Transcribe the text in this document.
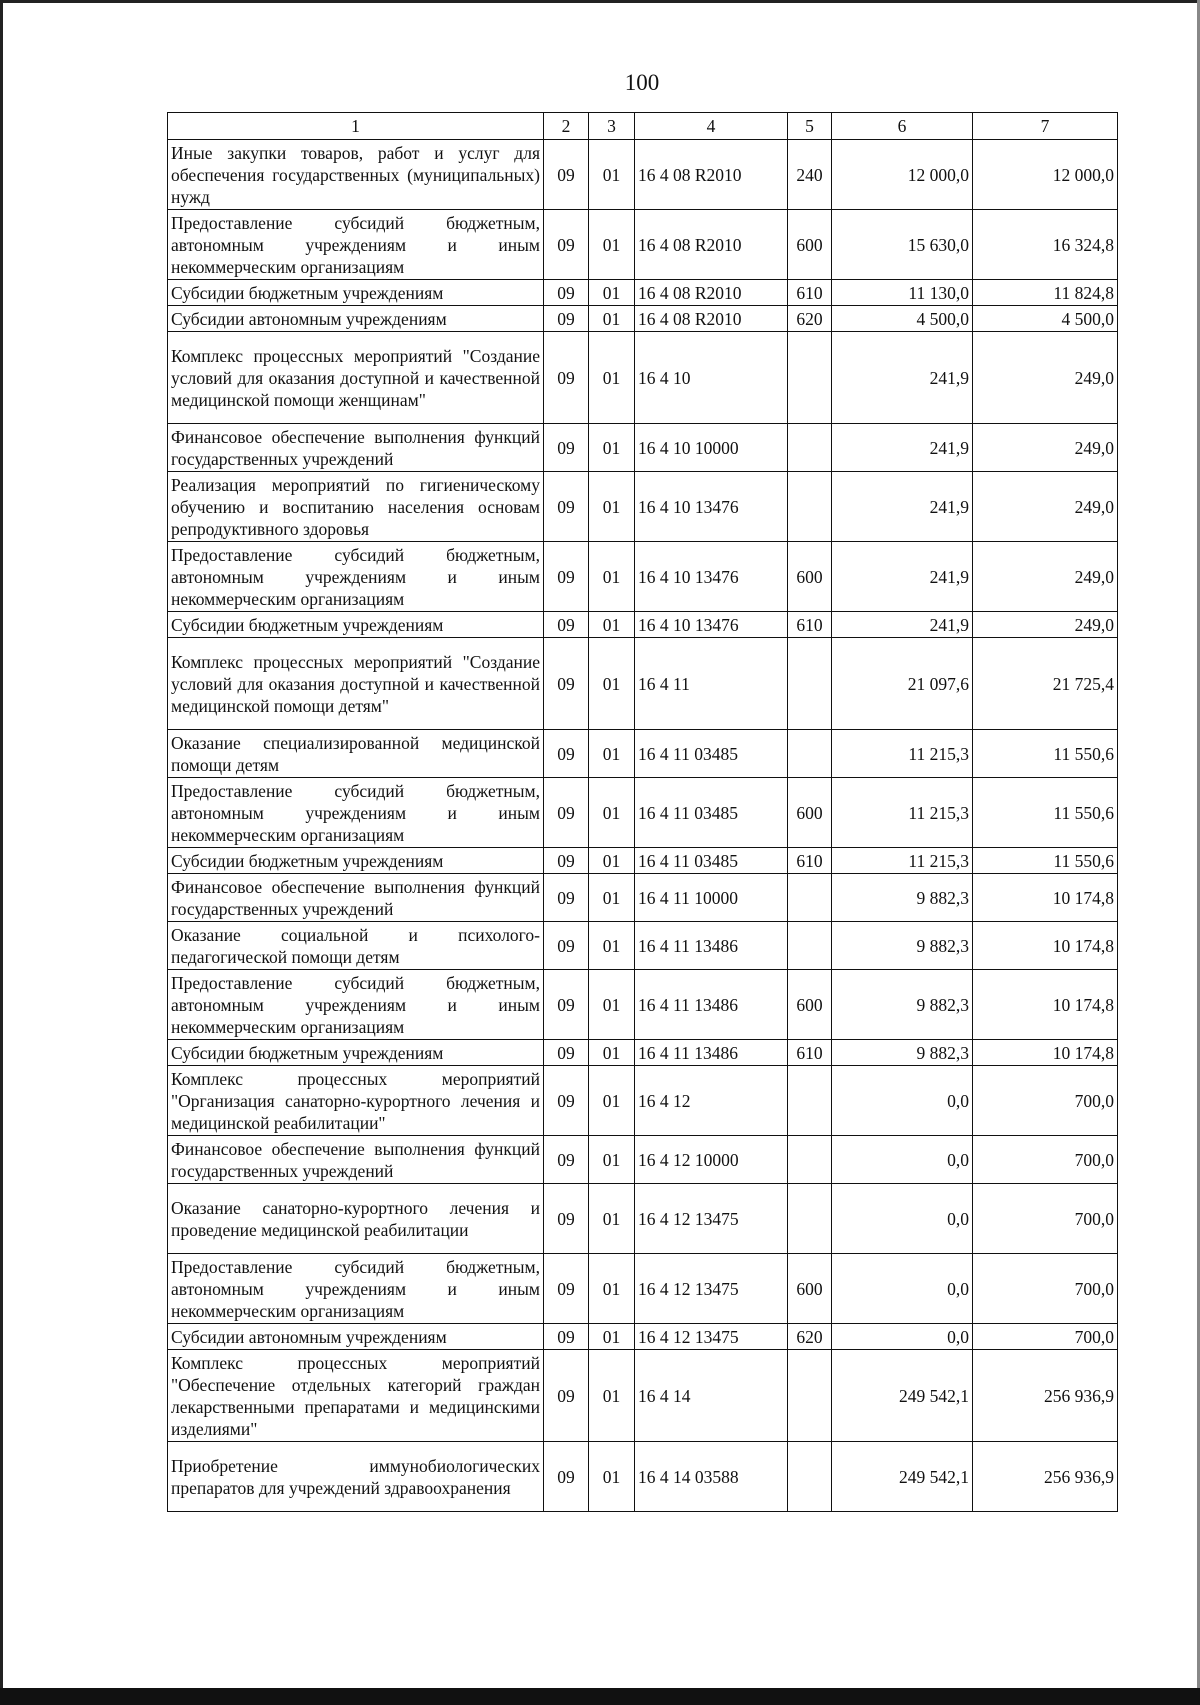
100
1	2	3	4	5	6	7
Иные закупки товаров, работ и услуг для обеспечения государственных (муниципальных) нужд	09	01	16 4 08 R2010	240	12 000,0	12 000,0
Предоставление субсидий бюджетным, автономным учреждениям и иным некоммерческим организациям	09	01	16 4 08 R2010	600	15 630,0	16 324,8
Субсидии бюджетным учреждениям	09	01	16 4 08 R2010	610	11 130,0	11 824,8
Субсидии автономным учреждениям	09	01	16 4 08 R2010	620	4 500,0	4 500,0
Комплекс процессных мероприятий "Создание условий для оказания доступной и качественной медицинской помощи женщинам"	09	01	16 4 10		241,9	249,0
Финансовое обеспечение выполнения функций государственных учреждений	09	01	16 4 10 10000		241,9	249,0
Реализация мероприятий по гигиеническому обучению и воспитанию населения основам репродуктивного здоровья	09	01	16 4 10 13476		241,9	249,0
Предоставление субсидий бюджетным, автономным учреждениям и иным некоммерческим организациям	09	01	16 4 10 13476	600	241,9	249,0
Субсидии бюджетным учреждениям	09	01	16 4 10 13476	610	241,9	249,0
Комплекс процессных мероприятий "Создание условий для оказания доступной и качественной медицинской помощи детям"	09	01	16 4 11		21 097,6	21 725,4
Оказание специализированной медицинской помощи детям	09	01	16 4 11 03485		11 215,3	11 550,6
Предоставление субсидий бюджетным, автономным учреждениям и иным некоммерческим организациям	09	01	16 4 11 03485	600	11 215,3	11 550,6
Субсидии бюджетным учреждениям	09	01	16 4 11 03485	610	11 215,3	11 550,6
Финансовое обеспечение выполнения функций государственных учреждений	09	01	16 4 11 10000		9 882,3	10 174,8
Оказание социальной и психолого-педагогической помощи детям	09	01	16 4 11 13486		9 882,3	10 174,8
Предоставление субсидий бюджетным, автономным учреждениям и иным некоммерческим организациям	09	01	16 4 11 13486	600	9 882,3	10 174,8
Субсидии бюджетным учреждениям	09	01	16 4 11 13486	610	9 882,3	10 174,8
Комплекс процессных мероприятий "Организация санаторно-курортного лечения и медицинской реабилитации"	09	01	16 4 12		0,0	700,0
Финансовое обеспечение выполнения функций государственных учреждений	09	01	16 4 12 10000		0,0	700,0
Оказание санаторно-курортного лечения и проведение медицинской реабилитации	09	01	16 4 12 13475		0,0	700,0
Предоставление субсидий бюджетным, автономным учреждениям и иным некоммерческим организациям	09	01	16 4 12 13475	600	0,0	700,0
Субсидии автономным учреждениям	09	01	16 4 12 13475	620	0,0	700,0
Комплекс процессных мероприятий "Обеспечение отдельных категорий граждан лекарственными препаратами и медицинскими изделиями"	09	01	16 4 14		249 542,1	256 936,9
Приобретение иммунобиологических препаратов для учреждений здравоохранения	09	01	16 4 14 03588		249 542,1	256 936,9
